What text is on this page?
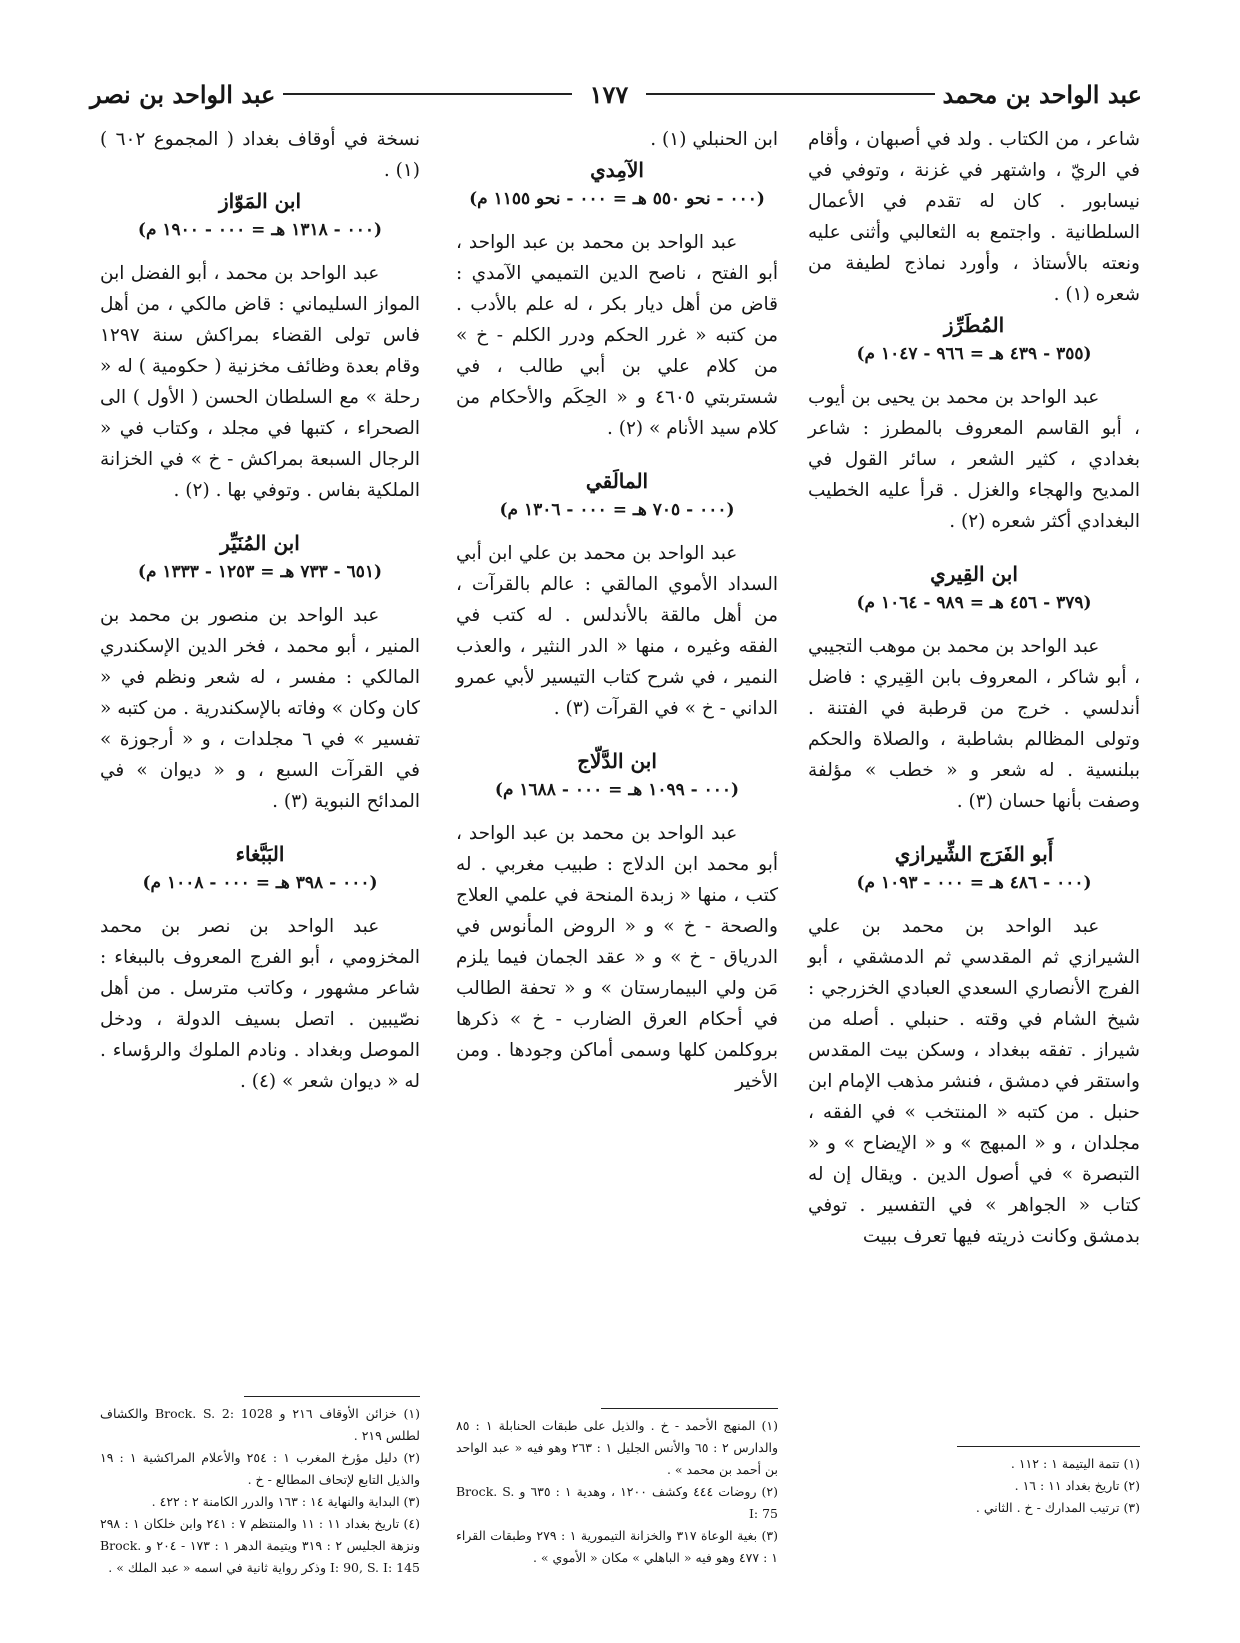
عبد الواحد بن محمد
١٧٧
عبد الواحد بن نصر

شاعر ، من الكتاب . ولد في أصبهان ، وأقام في الريّ ، واشتهر في غزنة ، وتوفي في نيسابور . كان له تقدم في الأعمال السلطانية . واجتمع به الثعالبي وأثنى عليه ونعته بالأستاذ ، وأورد نماذج لطيفة من شعره (١) .

المُطَرِّز
(٣٥٥ - ٤٣٩ هـ = ٩٦٦ - ١٠٤٧ م)

عبد الواحد بن محمد بن يحيى بن أيوب ، أبو القاسم المعروف بالمطرز : شاعر بغدادي ، كثير الشعر ، سائر القول في المديح والهجاء والغزل . قرأ عليه الخطيب البغدادي أكثر شعره (٢) .

ابن القِيري
(٣٧٩ - ٤٥٦ هـ = ٩٨٩ - ١٠٦٤ م)

عبد الواحد بن محمد بن موهب التجيبي ، أبو شاكر ، المعروف بابن القِيري : فاضل أندلسي . خرج من قرطبة في الفتنة . وتولى المظالم بشاطبة ، والصلاة والحكم ببلنسية . له شعر و « خطب » مؤلفة وصفت بأنها حسان (٣) .

أَبو الفَرَج الشِّيرازي
(٠٠٠ - ٤٨٦ هـ = ٠٠٠ - ١٠٩٣ م)

عبد الواحد بن محمد بن علي الشيرازي ثم المقدسي ثم الدمشقي ، أبو الفرج الأنصاري السعدي العبادي الخزرجي : شيخ الشام في وقته . حنبلي . أصله من شيراز . تفقه ببغداد ، وسكن بيت المقدس واستقر في دمشق ، فنشر مذهب الإمام ابن حنبل . من كتبه « المنتخب » في الفقه ، مجلدان ، و « المبهج » و « الإيضاح » و « التبصرة » في أصول الدين . ويقال إن له كتاب « الجواهر » في التفسير . توفي بدمشق وكانت ذريته فيها تعرف ببيت

(١) تتمة اليتيمة ١ : ١١٢ .

(٢) تاريخ بغداد ١١ : ١٦ .

(٣) ترتيب المدارك - خ . الثاني .

ابن الحنبلي (١) .

الآمِدي
(٠٠٠ - نحو ٥٥٠ هـ = ٠٠٠ - نحو ١١٥٥ م)

عبد الواحد بن محمد بن عبد الواحد ، أبو الفتح ، ناصح الدين التميمي الآمدي : قاض من أهل ديار بكر ، له علم بالأدب . من كتبه « غرر الحكم ودرر الكلم - خ » من كلام علي بن أبي طالب ، في شستربتي ٤٦٠٥ و « الحِكَم والأحكام من كلام سيد الأنام » (٢) .

المالَقي
(٠٠٠ - ٧٠٥ هـ = ٠٠٠ - ١٣٠٦ م)

عبد الواحد بن محمد بن علي ابن أبي السداد الأموي المالقي : عالم بالقرآت ، من أهل مالقة بالأندلس . له كتب في الفقه وغيره ، منها « الدر النثير ، والعذب النمير ، في شرح كتاب التيسير لأبي عمرو الداني - خ » في القرآت (٣) .

ابن الدَّلّاج
(٠٠٠ - ١٠٩٩ هـ = ٠٠٠ - ١٦٨٨ م)

عبد الواحد بن محمد بن عبد الواحد ، أبو محمد ابن الدلاج : طبيب مغربي . له كتب ، منها « زبدة المنحة في علمي العلاج والصحة - خ » و « الروض المأنوس في الدرياق - خ » و « عقد الجمان فيما يلزم مَن ولي البيمارستان » و « تحفة الطالب في أحكام العرق الضارب - خ » ذكرها بروكلمن كلها وسمى أماكن وجودها . ومن الأخير

(١) المنهج الأحمد - خ . والذيل على طبقات الحنابلة ١ : ٨٥ والدارس ٢ : ٦٥ والأنس الجليل ١ : ٢٦٣ وهو فيه « عبد الواحد بن أحمد بن محمد » .

(٢) روضات ٤٤٤ وكشف ١٢٠٠ ، وهدية ١ : ٦٣٥ و Brock. S. I: 75

(٣) بغية الوعاة ٣١٧ والخزانة التيمورية ١ : ٢٧٩ وطبقات القراء ١ : ٤٧٧ وهو فيه « الباهلي » مكان « الأموي » .

نسخة في أوقاف بغداد ( المجموع ٦٠٢ )(١) .

ابن المَوّاز
(٠٠٠ - ١٣١٨ هـ = ٠٠٠ - ١٩٠٠ م)

عبد الواحد بن محمد ، أبو الفضل ابن المواز السليماني : قاض مالكي ، من أهل فاس تولى القضاء بمراكش سنة ١٢٩٧ وقام بعدة وظائف مخزنية ( حكومية ) له « رحلة » مع السلطان الحسن ( الأول ) الى الصحراء ، كتبها في مجلد ، وكتاب في « الرجال السبعة بمراكش - خ » في الخزانة الملكية بفاس . وتوفي بها . (٢) .

ابن المُنَيِّر
(٦٥١ - ٧٣٣ هـ = ١٢٥٣ - ١٣٣٣ م)

عبد الواحد بن منصور بن محمد بن المنير ، أبو محمد ، فخر الدين الإسكندري المالكي : مفسر ، له شعر ونظم في « كان وكان » وفاته بالإسكندرية . من كتبه « تفسير » في ٦ مجلدات ، و « أرجوزة » في القرآت السبع ، و « ديوان » في المدائح النبوية (٣) .

البَبَّغاء
(٠٠٠ - ٣٩٨ هـ = ٠٠٠ - ١٠٠٨ م)

عبد الواحد بن نصر بن محمد المخزومي ، أبو الفرج المعروف بالببغاء : شاعر مشهور ، وكاتب مترسل . من أهل نصّيبين . اتصل بسيف الدولة ، ودخل الموصل وبغداد . ونادم الملوك والرؤساء . له « ديوان شعر » (٤) .

(١) خزائن الأوقاف ٢١٦ و Brock. S. 2: 1028 والكشاف لطلس ٢١٩ .

(٢) دليل مؤرخ المغرب ١ : ٢٥٤ والأعلام المراكشية ١ : ١٩ والذيل التابع لإتحاف المطالع - خ .

(٣) البداية والنهاية ١٤ : ١٦٣ والدرر الكامنة ٢ : ٤٢٢ .

(٤) تاريخ بغداد ١١ : ١١ والمنتظم ٧ : ٢٤١ وابن خلكان ١ : ٢٩٨ ونزهة الجليس ٢ : ٣١٩ ويتيمة الدهر ١ : ١٧٣ - ٢٠٤ و Brock. I: 90, S. I: 145 وذكر رواية ثانية في اسمه « عبد الملك » .
